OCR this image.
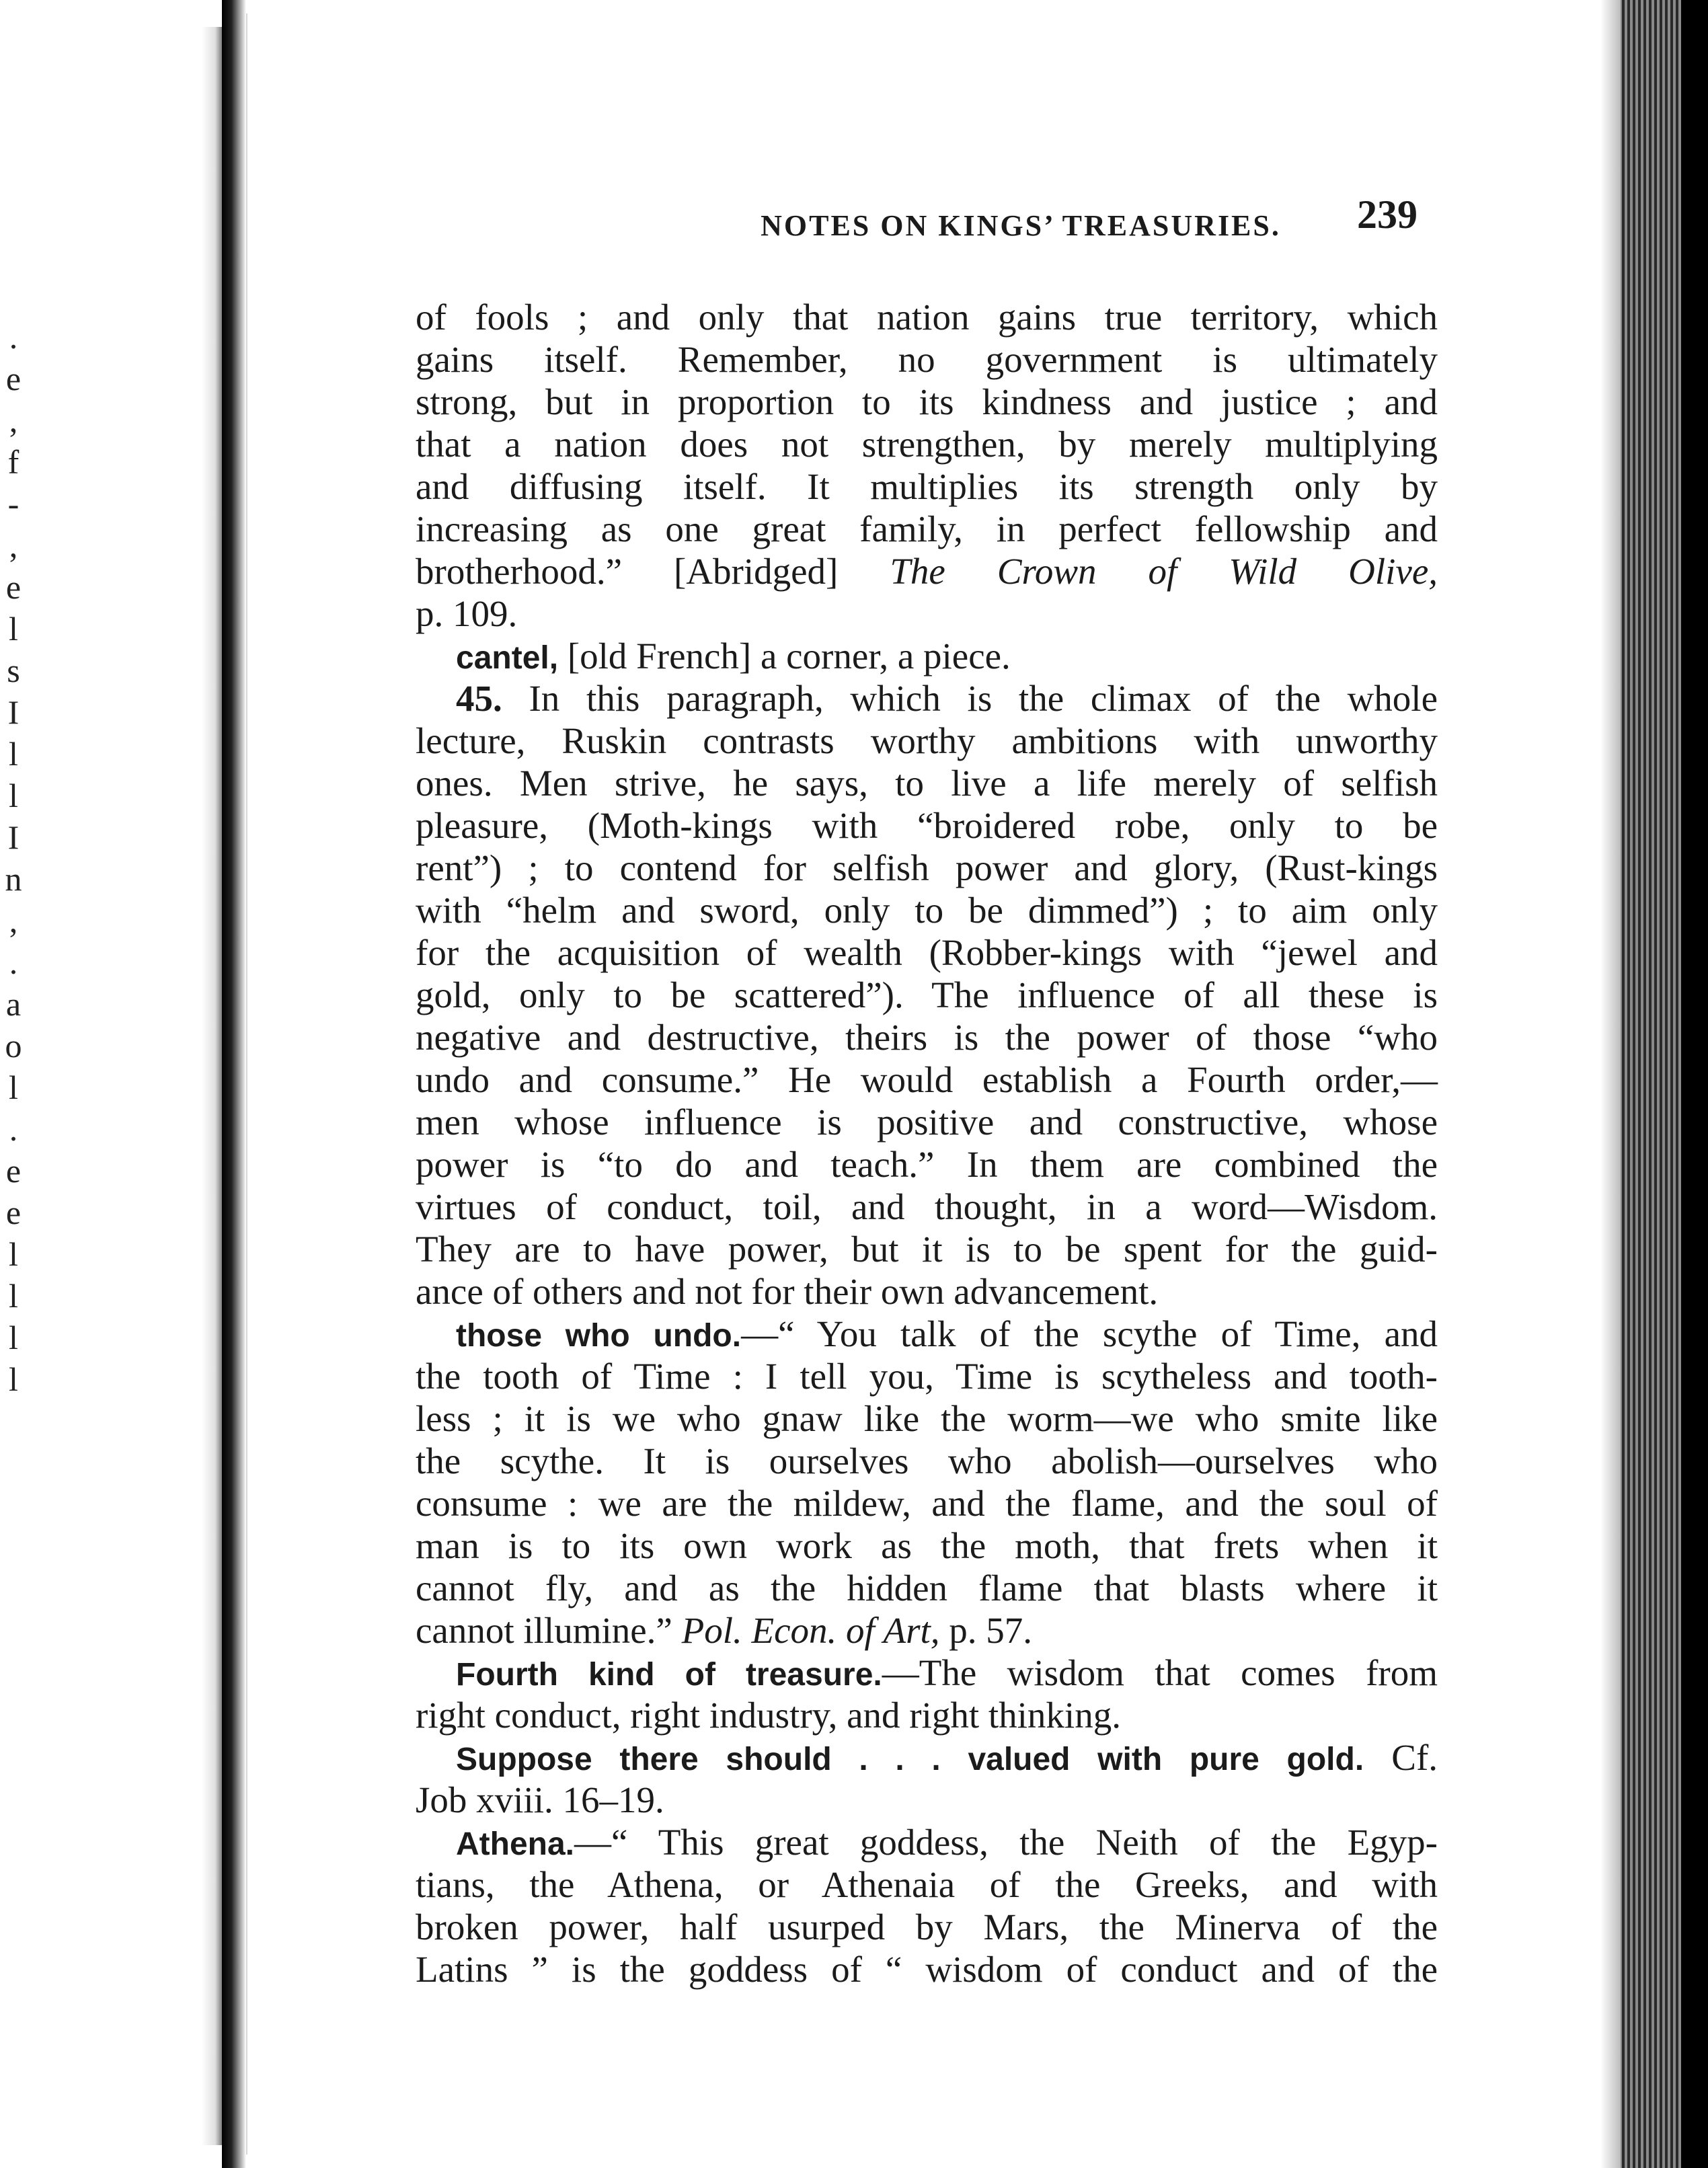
.
e
,
f
-
,
e
l
s
I
l
l
I
n
,
.
a
o
l
.
e
e
l
l
l
l
NOTES ON KINGS’ TREASURIES.	239
of fools ; and only that nation gains true territory, which
gains itself. Remember, no government is ultimately
strong, but in proportion to its kindness and justice ; and
that a nation does not strengthen, by merely multiplying
and diffusing itself. It multiplies its strength only by
increasing as one great family, in perfect fellowship and
brotherhood.” [Abridged] The Crown of Wild Olive,
p. 109.
cantel, [old French] a corner, a piece.
45. In this paragraph, which is the climax of the whole
lecture, Ruskin contrasts worthy ambitions with unworthy
ones. Men strive, he says, to live a life merely of selfish
pleasure, (Moth-kings with “broidered robe, only to be
rent”) ; to contend for selfish power and glory, (Rust-kings
with “helm and sword, only to be dimmed”) ; to aim only
for the acquisition of wealth (Robber-kings with “jewel and
gold, only to be scattered”). The influence of all these is
negative and destructive, theirs is the power of those “who
undo and consume.” He would establish a Fourth order,—
men whose influence is positive and constructive, whose
power is “to do and teach.” In them are combined the
virtues of conduct, toil, and thought, in a word—Wisdom.
They are to have power, but it is to be spent for the guid-
ance of others and not for their own advancement.
those who undo.—“ You talk of the scythe of Time, and
the tooth of Time : I tell you, Time is scytheless and tooth-
less ; it is we who gnaw like the worm—we who smite like
the scythe. It is ourselves who abolish—ourselves who
consume : we are the mildew, and the flame, and the soul of
man is to its own work as the moth, that frets when it
cannot fly, and as the hidden flame that blasts where it
cannot illumine.” Pol. Econ. of Art, p. 57.
Fourth kind of treasure.—The wisdom that comes from
right conduct, right industry, and right thinking.
Suppose there should . . . valued with pure gold. Cf.
Job xviii. 16–19.
Athena.—“ This great goddess, the Neith of the Egyp-
tians, the Athena, or Athenaia of the Greeks, and with
broken power, half usurped by Mars, the Minerva of the
Latins ” is the goddess of “ wisdom of conduct and of the
